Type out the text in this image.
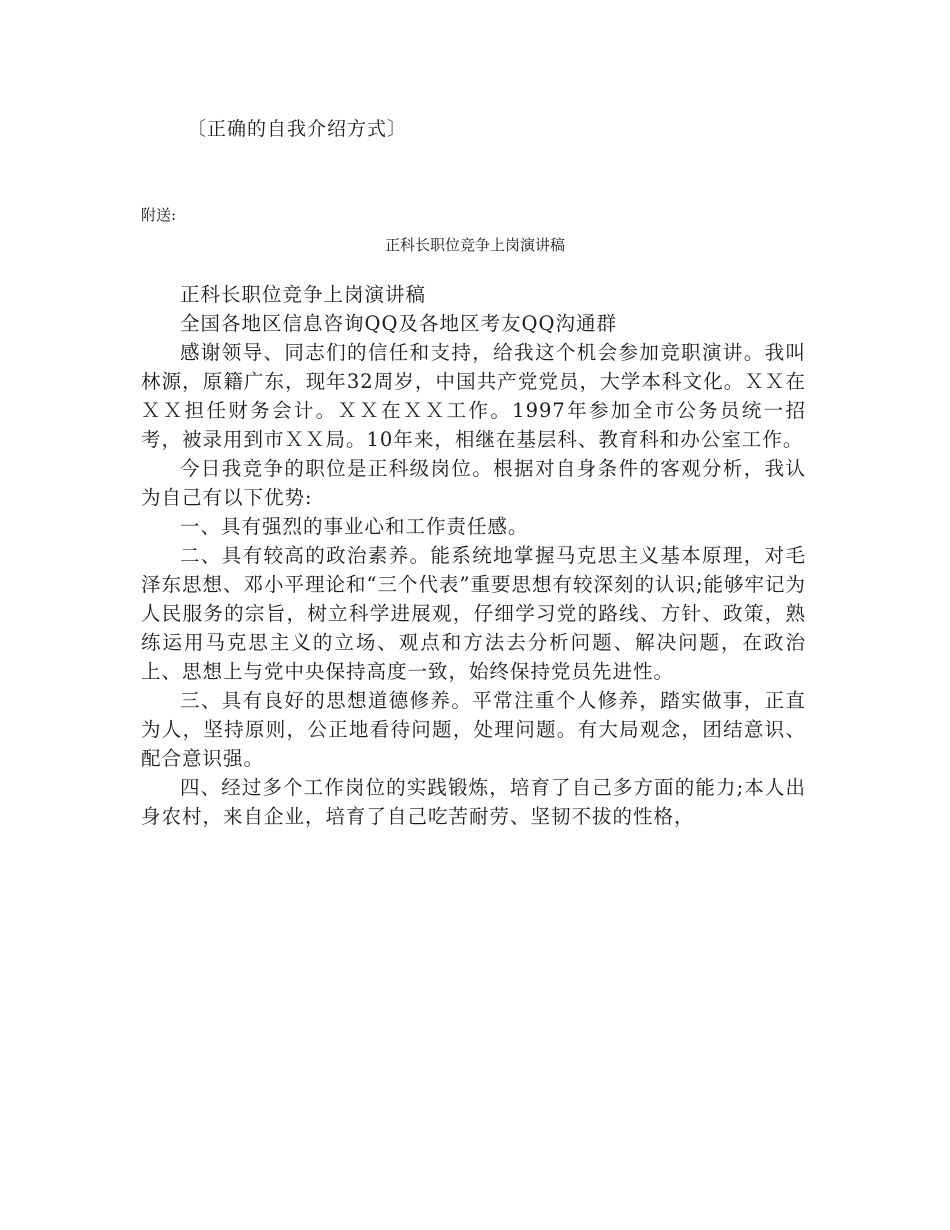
〔正确的自我介绍方式〕
附送:
正科长职位竞争上岗演讲稿

正科长职位竞争上岗演讲稿

全国各地区信息咨询QQ及各地区考友QQ沟通群

感谢领导、同志们的信任和支持，给我这个机会参加竞职演讲。我叫林源，原籍广东，现年32周岁，中国共产党党员，大学本科文化。ＸＸ在ＸＸ担任财务会计。ＸＸ在ＸＸ工作。1997年参加全市公务员统一招考，被录用到市ＸＸ局。10年来，相继在基层科、教育科和办公室工作。

今日我竞争的职位是正科级岗位。根据对自身条件的客观分析，我认为自己有以下优势:

一、具有强烈的事业心和工作责任感。

二、具有较高的政治素养。能系统地掌握马克思主义基本原理，对毛泽东思想、邓小平理论和“三个代表”重要思想有较深刻的认识;能够牢记为人民服务的宗旨，树立科学进展观，仔细学习党的路线、方针、政策，熟练运用马克思主义的立场、观点和方法去分析问题、解决问题，在政治上、思想上与党中央保持高度一致，始终保持党员先进性。

三、具有良好的思想道德修养。平常注重个人修养，踏实做事，正直为人，坚持原则，公正地看待问题，处理问题。有大局观念，团结意识、配合意识强。

四、经过多个工作岗位的实践锻炼，培育了自己多方面的能力;本人出身农村，来自企业，培育了自己吃苦耐劳、坚韧不拔的性格，
